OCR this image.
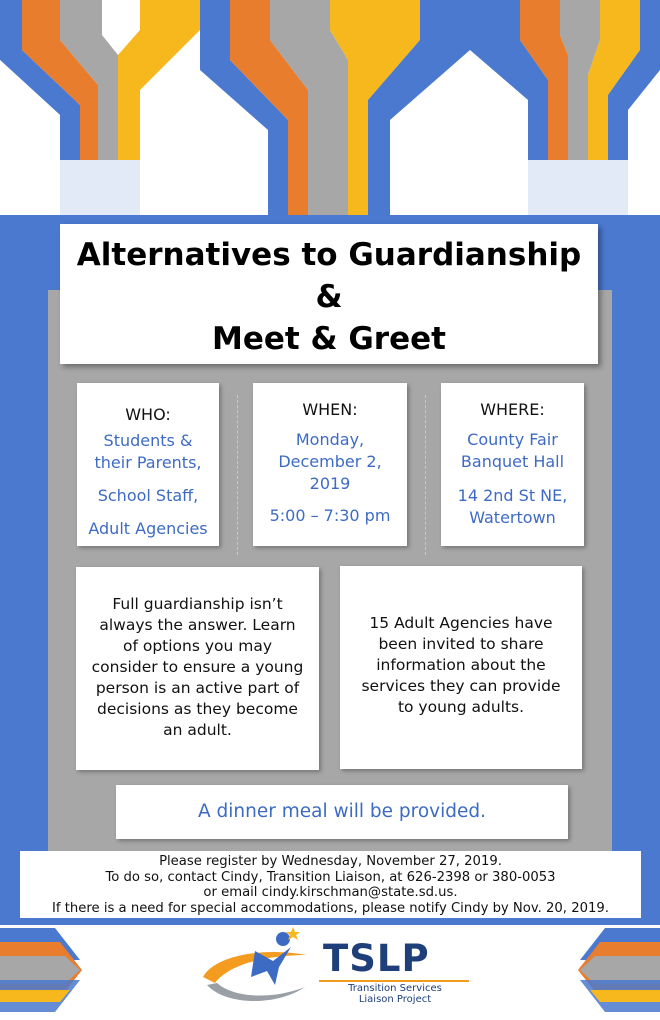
Alternatives to Guardianship
&
Meet & Greet
WHO:
Students &
their Parents,
School Staff,
Adult Agencies
WHEN:
Monday,
December 2,
2019
5:00 – 7:30 pm
WHERE:
County Fair
Banquet Hall
14 2nd St NE,
Watertown
Full guardianship isn’t
always the answer. Learn
of options you may
consider to ensure a young
person is an active part of
decisions as they become
an adult.
15 Adult Agencies have
been invited to share
information about the
services they can provide
to young adults.
A dinner meal will be provided.
Please register by Wednesday, November 27, 2019.
To do so, contact Cindy, Transition Liaison, at 626-2398 or 380-0053
or email cindy.kirschman@state.sd.us.
If there is a need for special accommodations, please notify Cindy by Nov. 20, 2019.
TSLP
Transition Services
Liaison Project
